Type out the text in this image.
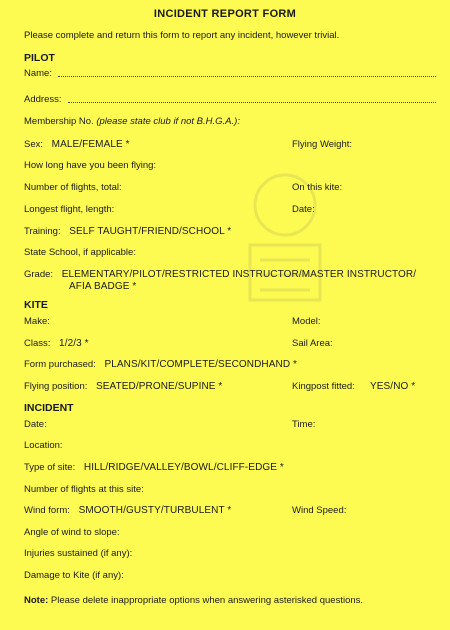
INCIDENT REPORT FORM
Please complete and return this form to report any incident, however trivial.
PILOT
Name:
Address:
Membership No. (please state club if not B.H.G.A.):
Sex: MALE/FEMALE *	Flying Weight:
How long have you been flying:
Number of flights, total:	On this kite:
Longest flight, length:	Date:
Training: SELF TAUGHT/FRIEND/SCHOOL *
State School, if applicable:
Grade: ELEMENTARY/PILOT/RESTRICTED INSTRUCTOR/MASTER INSTRUCTOR/
AFIA BADGE *
KITE
Make:	Model:
Class: 1/2/3 *	Sail Area:
Form purchased: PLANS/KIT/COMPLETE/SECONDHAND *
Flying position: SEATED/PRONE/SUPINE *	Kingpost fitted: YES/NO *
INCIDENT
Date:	Time:
Location:
Type of site: HILL/RIDGE/VALLEY/BOWL/CLIFF-EDGE *
Number of flights at this site:
Wind form: SMOOTH/GUSTY/TURBULENT *	Wind Speed:
Angle of wind to slope:
Injuries sustained (if any):
Damage to Kite (if any):
Note: Please delete inappropriate options when answering asterisked questions.
